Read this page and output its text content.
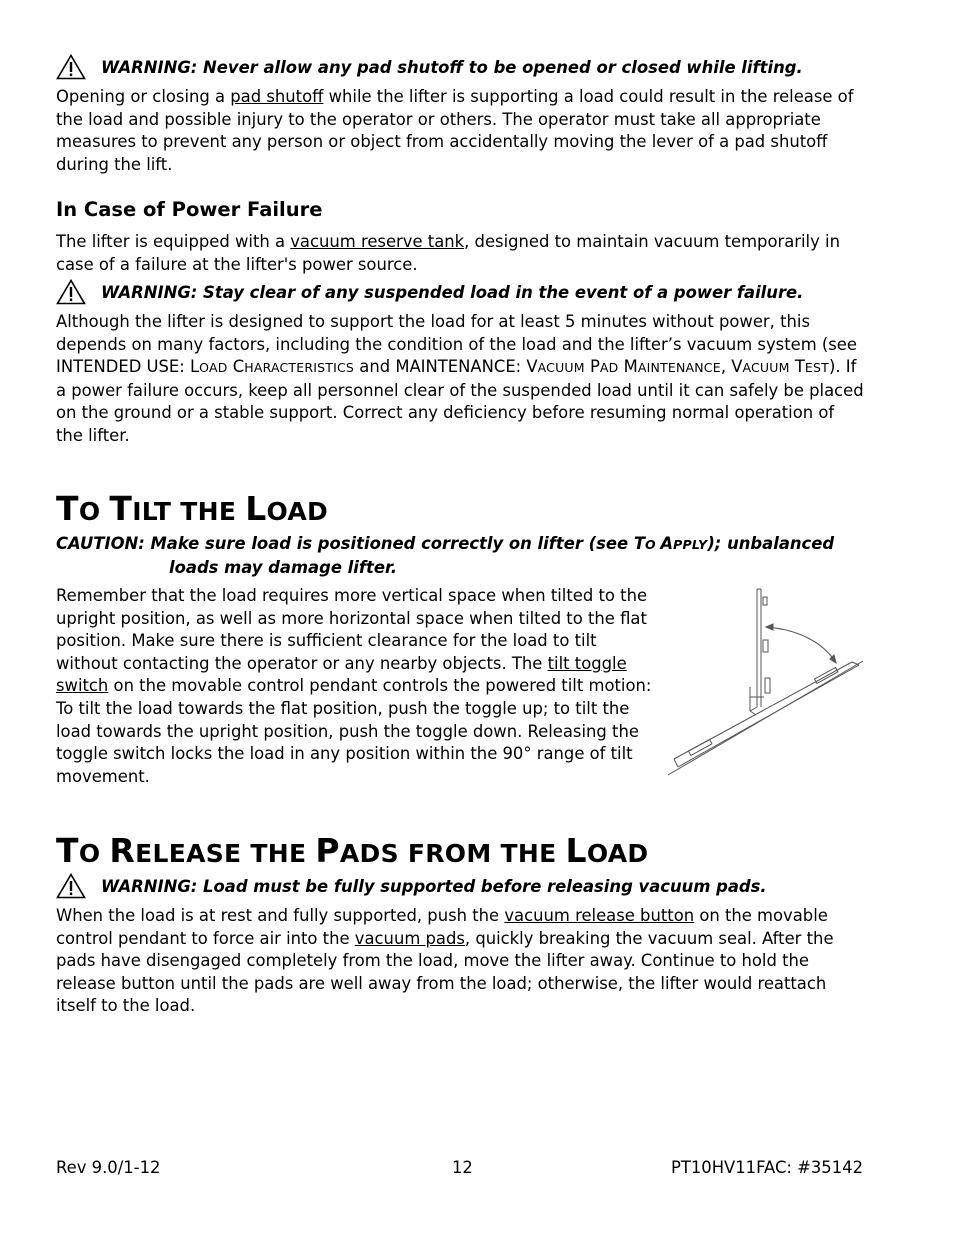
WARNING: Never allow any pad shutoff to be opened or closed while lifting.

Opening or closing a pad shutoff while the lifter is supporting a load could result in the release of the load and possible injury to the operator or others. The operator must take all appropriate measures to prevent any person or object from accidentally moving the lever of a pad shutoff during the lift.

In Case of Power Failure

The lifter is equipped with a vacuum reserve tank, designed to maintain vacuum temporarily in case of a failure at the lifter's power source.

WARNING: Stay clear of any suspended load in the event of a power failure.

Although the lifter is designed to support the load for at least 5 minutes without power, this depends on many factors, including the condition of the load and the lifter’s vacuum system (see INTENDED USE: LOAD CHARACTERISTICS and MAINTENANCE: VACUUM PAD MAINTENANCE, VACUUM TEST). If a power failure occurs, keep all personnel clear of the suspended load until it can safely be placed on the ground or a stable support. Correct any deficiency before resuming normal operation of the lifter.

TO TILT THE LOAD
CAUTION: Make sure load is positioned correctly on lifter (see TO APPLY); unbalanced
loads may damage lifter.

Remember that the load requires more vertical space when tilted to the upright position, as well as more horizontal space when tilted to the flat position. Make sure there is sufficient clearance for the load to tilt without contacting the operator or any nearby objects. The tilt toggle switch on the movable control pendant controls the powered tilt motion: To tilt the load towards the flat position, push the toggle up; to tilt the load towards the upright position, push the toggle down. Releasing the toggle switch locks the load in any position within the 90° range of tilt movement.

TO RELEASE THE PADS FROM THE LOAD
WARNING: Load must be fully supported before releasing vacuum pads.

When the load is at rest and fully supported, push the vacuum release button on the movable control pendant to force air into the vacuum pads, quickly breaking the vacuum seal. After the pads have disengaged completely from the load, move the lifter away. Continue to hold the release button until the pads are well away from the load; otherwise, the lifter would reattach itself to the load.

Rev 9.0/1-12	12	PT10HV11FAC: #35142
